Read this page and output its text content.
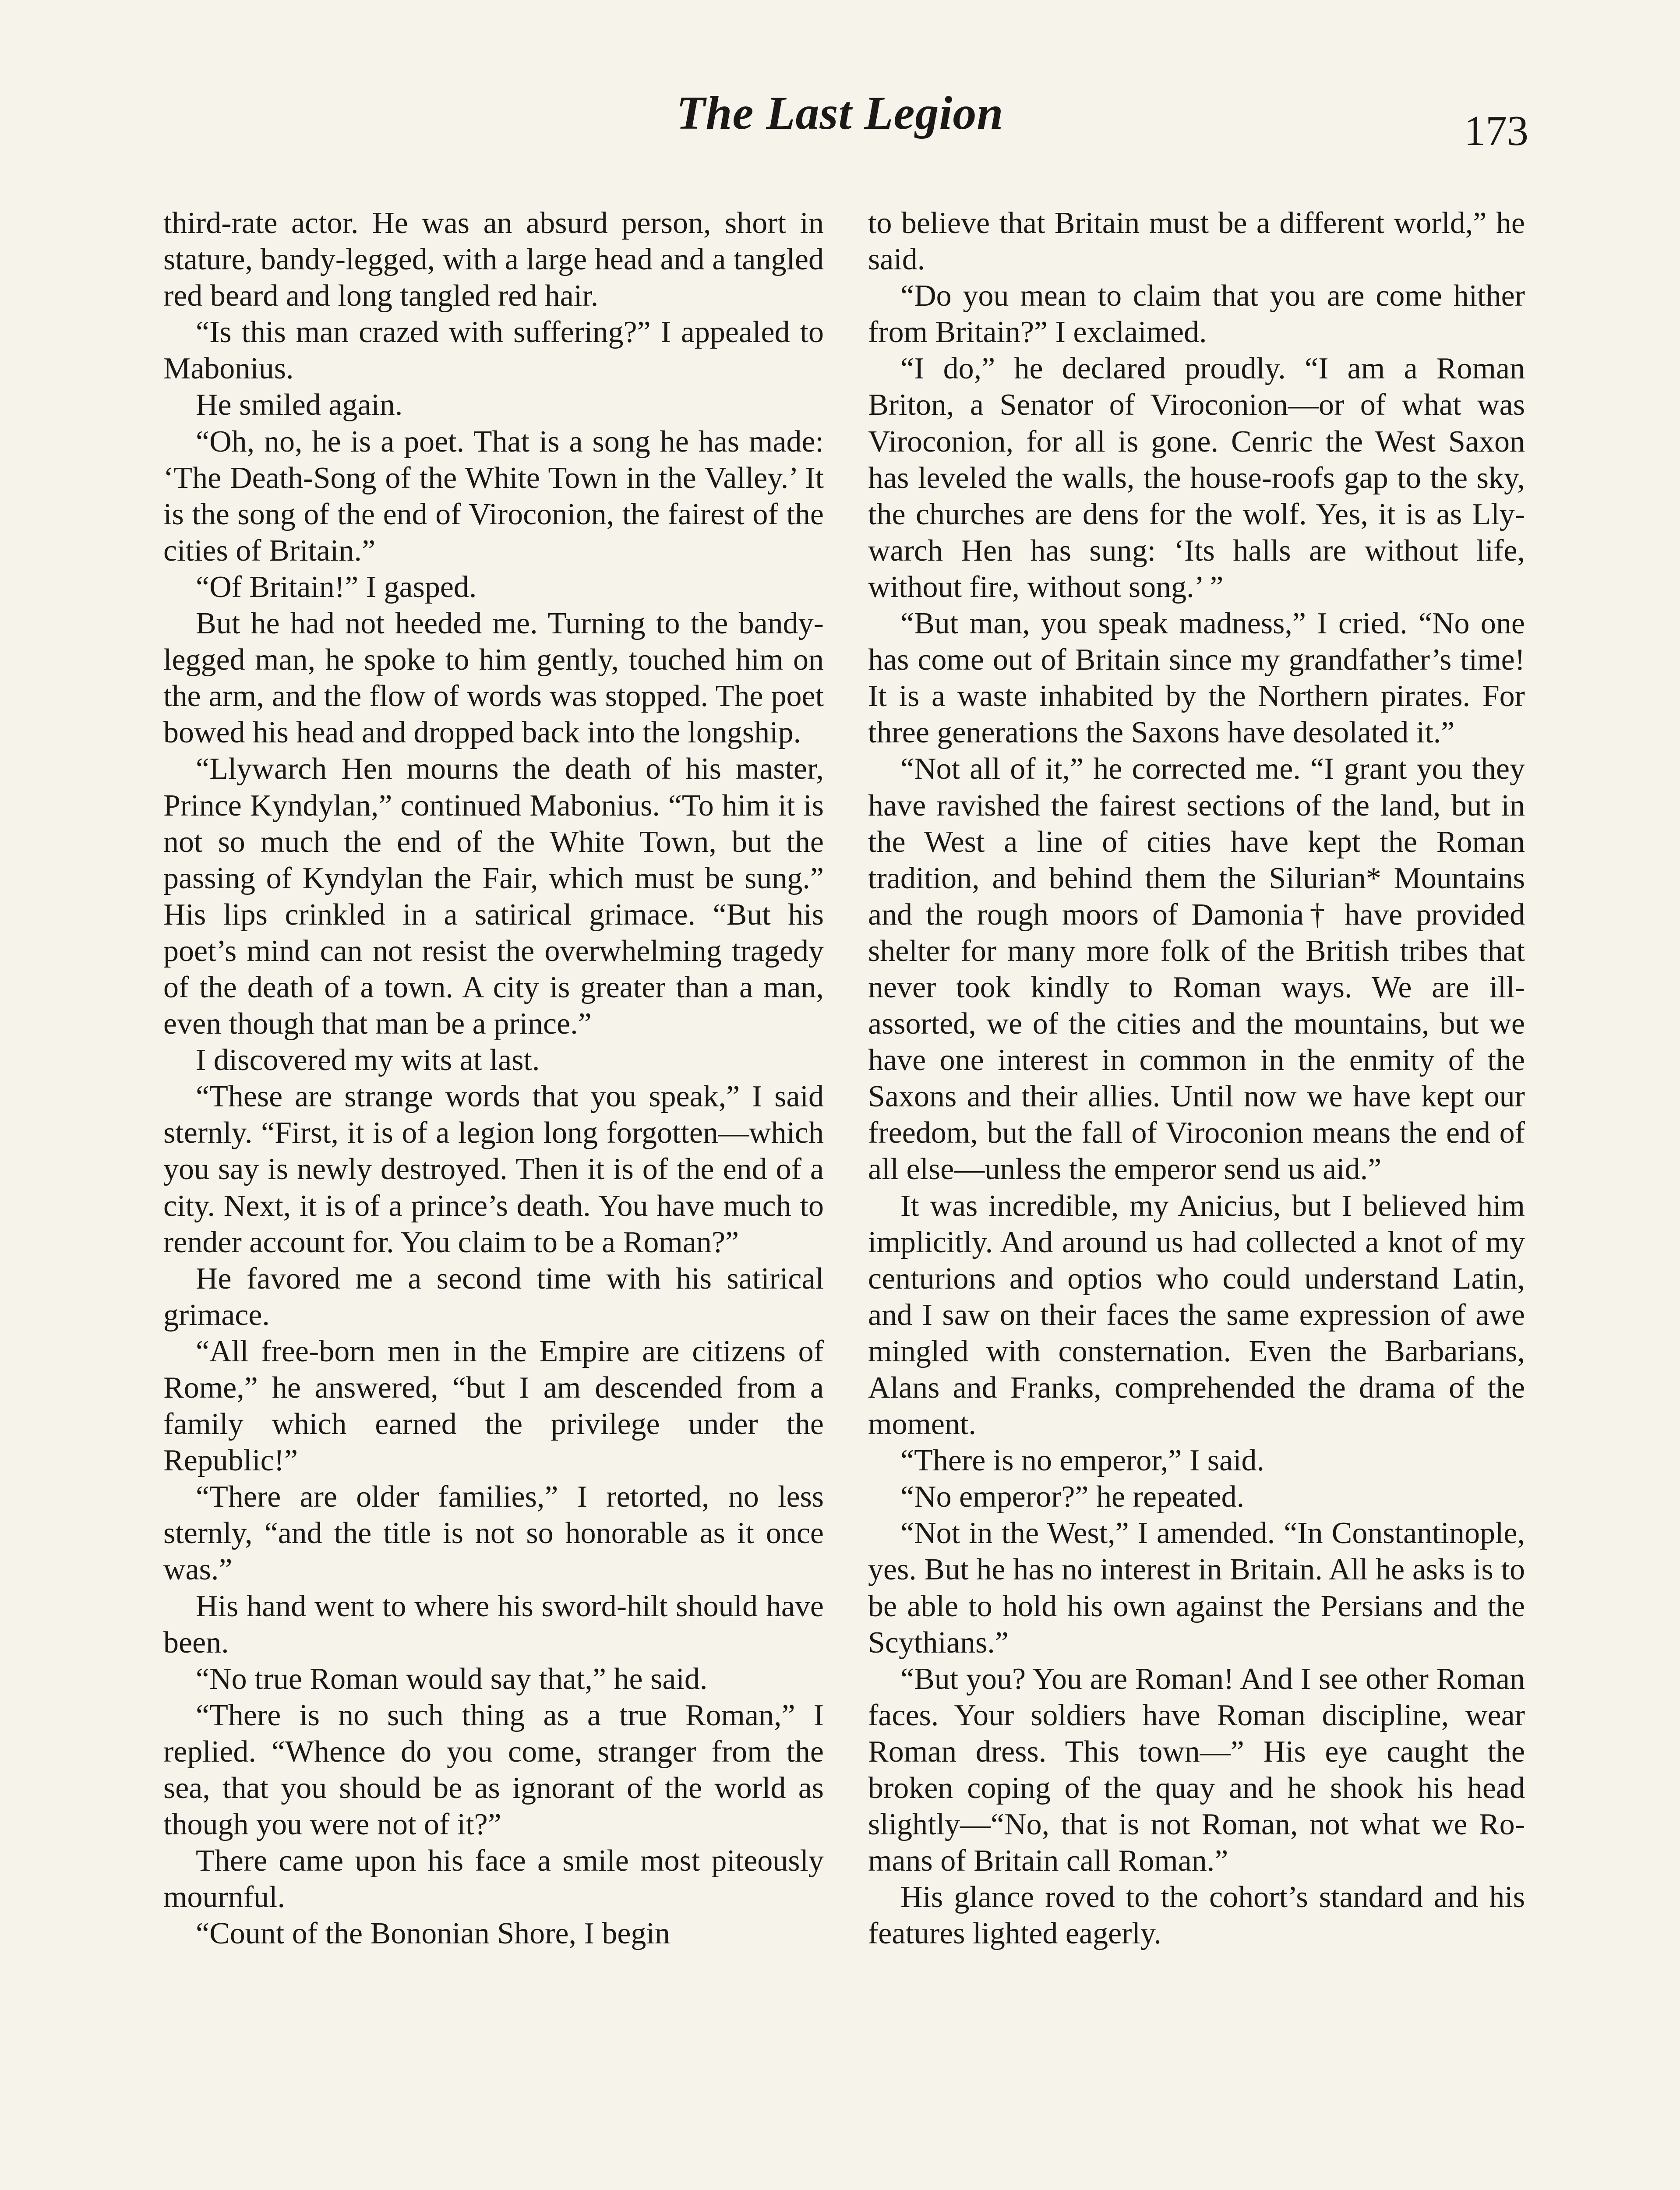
The Last Legion	173

third-rate actor. He was an absurd person, short in stature, bandy-legged, with a large head and a tangled red beard and long tangled red hair.

“Is this man crazed with suffering?” I appealed to Mabonius.

He smiled again.

“Oh, no, he is a poet. That is a song he has made: ‘The Death-Song of the White Town in the Valley.’ It is the song of the end of Viroconion, the fairest of the cities of Britain.”

“Of Britain!” I gasped.

But he had not heeded me. Turning to the bandy-legged man, he spoke to him gently, touched him on the arm, and the flow of words was stopped. The poet bowed his head and dropped back into the longship.

“Llywarch Hen mourns the death of his master, Prince Kyndylan,” continued Mabonius. “To him it is not so much the end of the White Town, but the passing of Kyndylan the Fair, which must be sung.” His lips crinkled in a satirical grimace. “But his poet’s mind can not resist the overwhelming tragedy of the death of a town. A city is greater than a man, even though that man be a prince.”

I discovered my wits at last.

“These are strange words that you speak,” I said sternly. “First, it is of a legion long forgotten—which you say is newly destroyed. Then it is of the end of a city. Next, it is of a prince’s death. You have much to render account for. You claim to be a Roman?”

He favored me a second time with his satirical grimace.

“All free-born men in the Empire are citizens of Rome,” he answered, “but I am descended from a family which earned the privilege under the Republic!”

“There are older families,” I retorted, no less sternly, “and the title is not so honorable as it once was.”

His hand went to where his sword-hilt should have been.

“No true Roman would say that,” he said.

“There is no such thing as a true Roman,” I replied. “Whence do you come, stranger from the sea, that you should be as ignorant of the world as though you were not of it?”

There came upon his face a smile most piteously mournful.

“Count of the Bononian Shore, I begin

to believe that Britain must be a different world,” he said.

“Do you mean to claim that you are come hither from Britain?” I exclaimed.

“I do,” he declared proudly. “I am a Roman Briton, a Senator of Viroconion—or of what was Viroconion, for all is gone. Cenric the West Saxon has leveled the walls, the house-roofs gap to the sky, the churches are dens for the wolf. Yes, it is as Llywarch Hen has sung: ‘Its halls are without life, without fire, without song.’ ”

“But man, you speak madness,” I cried. “No one has come out of Britain since my grandfather’s time! It is a waste inhabited by the Northern pirates. For three generations the Saxons have desolated it.”

“Not all of it,” he corrected me. “I grant you they have ravished the fairest sections of the land, but in the West a line of cities have kept the Roman tradition, and behind them the Silurian* Mountains and the rough moors of Damonia† have provided shelter for many more folk of the British tribes that never took kindly to Roman ways. We are ill-assorted, we of the cities and the mountains, but we have one interest in common in the enmity of the Saxons and their allies. Until now we have kept our freedom, but the fall of Viroconion means the end of all else—unless the emperor send us aid.”

It was incredible, my Anicius, but I believed him implicitly. And around us had collected a knot of my centurions and optios who could understand Latin, and I saw on their faces the same expression of awe mingled with consternation. Even the Barbarians, Alans and Franks, comprehended the drama of the moment.

“There is no emperor,” I said.

“No emperor?” he repeated.

“Not in the West,” I amended. “In Constantinople, yes. But he has no interest in Britain. All he asks is to be able to hold his own against the Persians and the Scythians.”

“But you? You are Roman! And I see other Roman faces. Your soldiers have Roman discipline, wear Roman dress. This town—” His eye caught the broken coping of the quay and he shook his head slightly—“No, that is not Roman, not what we Romans of Britain call Roman.”

His glance roved to the cohort’s standard and his features lighted eagerly.
